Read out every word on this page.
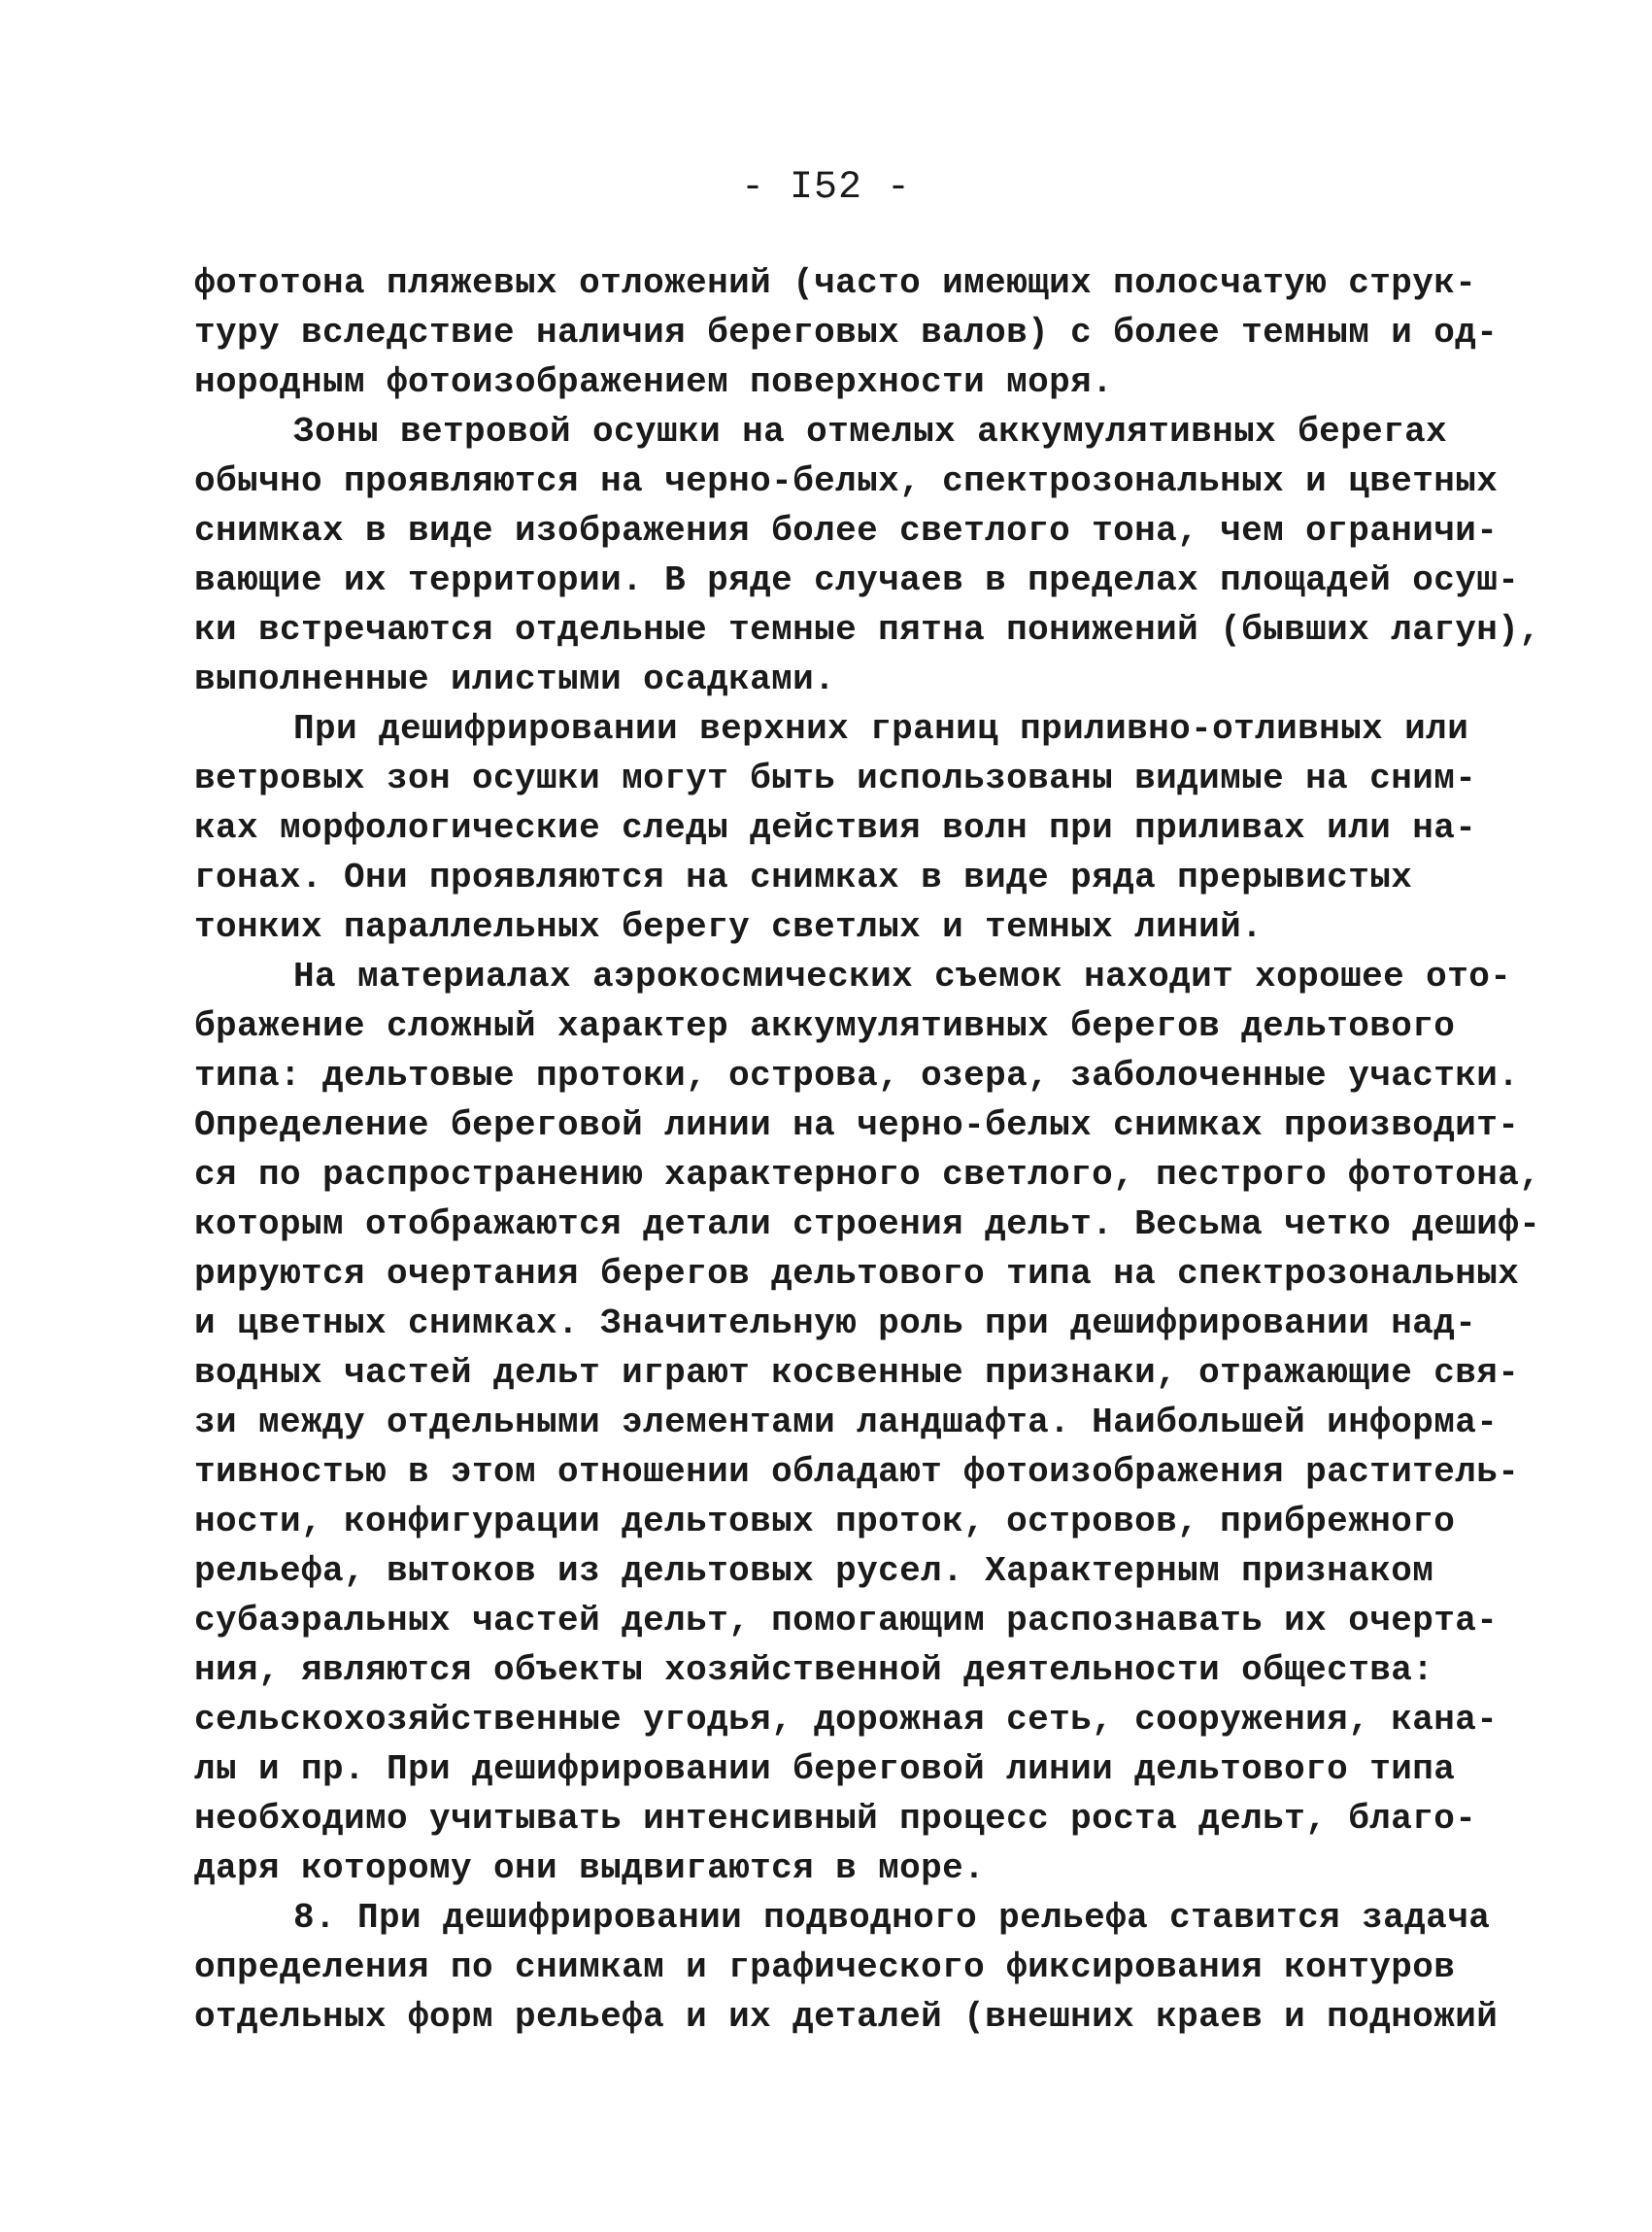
- I52 -
фототона пляжевых отложений (часто имеющих полосчатую струк-
туру вследствие наличия береговых валов) с более темным и од-
нородным фотоизображением поверхности моря.
Зоны ветровой осушки на отмелых аккумулятивных берегах
обычно проявляются на черно-белых, спектрозональных и цветных
снимках в виде изображения более светлого тона, чем ограничи-
вающие их территории. В ряде случаев в пределах площадей осуш-
ки встречаются отдельные темные пятна понижений (бывших лагун),
выполненные илистыми осадками.
При дешифрировании верхних границ приливно-отливных или
ветровых зон осушки могут быть использованы видимые на сним-
ках морфологические следы действия волн при приливах или на-
гонах. Они проявляются на снимках в виде ряда прерывистых
тонких параллельных берегу светлых и темных линий.
На материалах аэрокосмических съемок находит хорошее ото-
бражение сложный характер аккумулятивных берегов дельтового
типа: дельтовые протоки, острова, озера, заболоченные участки.
Определение береговой линии на черно-белых снимках производит-
ся по распространению характерного светлого, пестрого фототона,
которым отображаются детали строения дельт. Весьма четко дешиф-
рируются очертания берегов дельтового типа на спектрозональных
и цветных снимках. Значительную роль при дешифрировании над-
водных частей дельт играют косвенные признаки, отражающие свя-
зи между отдельными элементами ландшафта. Наибольшей информа-
тивностью в этом отношении обладают фотоизображения раститель-
ности, конфигурации дельтовых проток, островов, прибрежного
рельефа, вытоков из дельтовых русел. Характерным признаком
субаэральных частей дельт, помогающим распознавать их очерта-
ния, являются объекты хозяйственной деятельности общества:
сельскохозяйственные угодья, дорожная сеть, сооружения, кана-
лы и пр. При дешифрировании береговой линии дельтового типа
необходимо учитывать интенсивный процесс роста дельт, благо-
даря которому они выдвигаются в море.
8. При дешифрировании подводного рельефа ставится задача
определения по снимкам и графического фиксирования контуров
отдельных форм рельефа и их деталей (внешних краев и подножий
